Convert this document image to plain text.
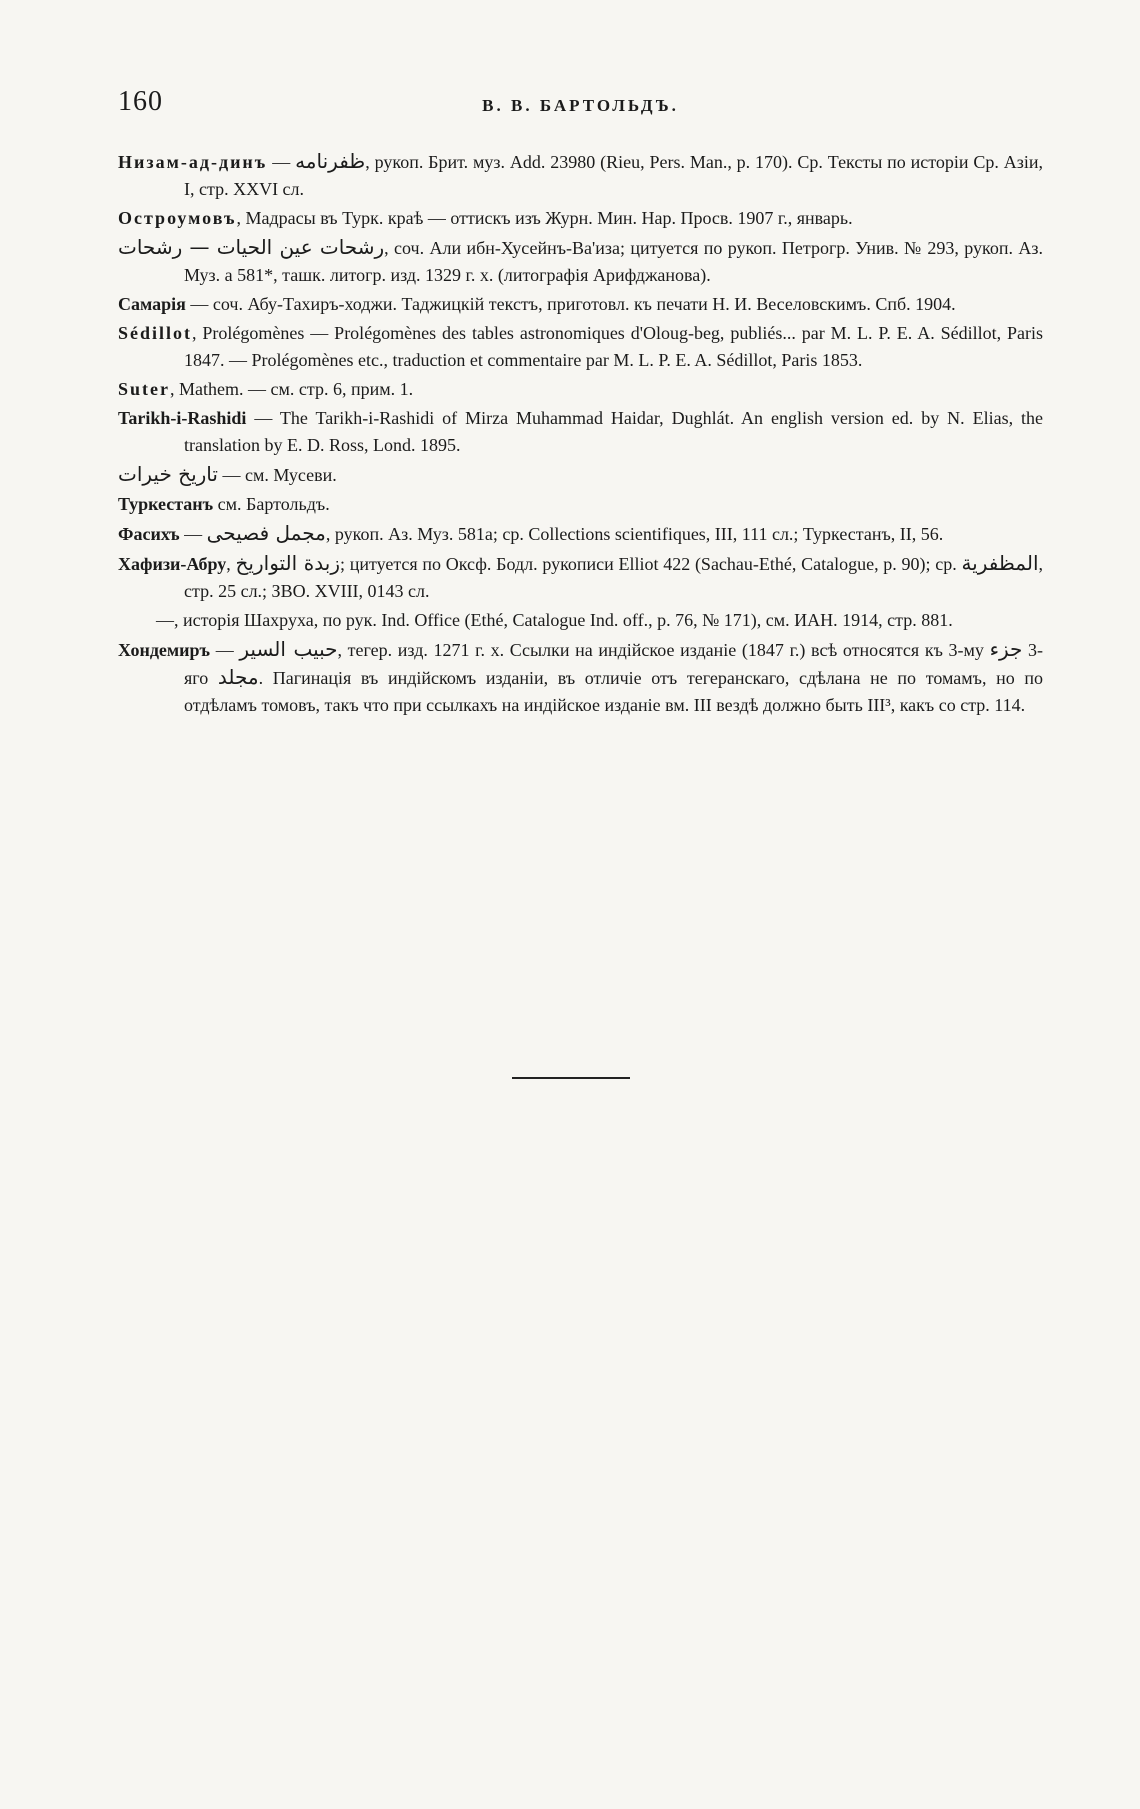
160	В. В. БАРТОЛЬДЪ.

Низам-ад-динъ — ظفرنامه, рукоп. Брит. муз. Add. 23980 (Rieu, Pers. Man., p. 170). Ср. Тексты по исторіи Ср. Азіи, I, стр. XXVI сл.

Остроумовъ, Мадрасы въ Турк. краѣ — оттискъ изъ Журн. Мин. Нар. Просв. 1907 г., январь.

رشحات عين الحيات — رشحات, соч. Али ибн-Хусейнъ-Ва'иза; цитуется по рукоп. Петрогр. Унив. № 293, рукоп. Аз. Муз. а 581*, ташк. литогр. изд. 1329 г. х. (литографія Арифджанова).

Самарія — соч. Абу-Тахиръ-ходжи. Таджицкій текстъ, приготовл. къ печати Н. И. Веселовскимъ. Спб. 1904.

Sédillot, Prolégomènes — Prolégomènes des tables astronomiques d'Oloug-beg, publiés... par M. L. P. E. A. Sédillot, Paris 1847. — Prolégomènes etc., traduction et commentaire par M. L. P. E. A. Sédillot, Paris 1853.

Suter, Mathem. — см. стр. 6, прим. 1.

Tarikh-i-Rashidi — The Tarikh-i-Rashidi of Mirza Muhammad Haidar, Dughlát. An english version ed. by N. Elias, the translation by E. D. Ross, Lond. 1895.

تاريخ خيرات — см. Мусеви.

Туркестанъ см. Бартольдъ.

Фасихъ — مجمل فصيحى, рукоп. Аз. Муз. 581а; ср. Collections scientifiques, III, 111 сл.; Туркестанъ, II, 56.

Хафизи-Абру, زبدة التواريخ; цитуется по Оксф. Бодл. рукописи Elliot 422 (Sachau-Ethé, Catalogue, p. 90); ср. المظفرية, стр. 25 сл.; ЗВО. XVIII, 0143 сл.

—, исторія Шахруха, по рук. Ind. Office (Ethé, Catalogue Ind. off., p. 76, № 171), см. ИАН. 1914, стр. 881.

Хондемиръ — حبيب السير, тегер. изд. 1271 г. х. Ссылки на индійское изданіе (1847 г.) всѣ относятся къ 3-му جزء 3-яго مجلد. Пагинація въ индійскомъ изданіи, въ отличіе отъ тегеранскаго, сдѣлана не по томамъ, но по отдѣламъ томовъ, такъ что при ссылкахъ на индійское изданіе вм. III вездѣ должно быть III³, какъ со стр. 114.
